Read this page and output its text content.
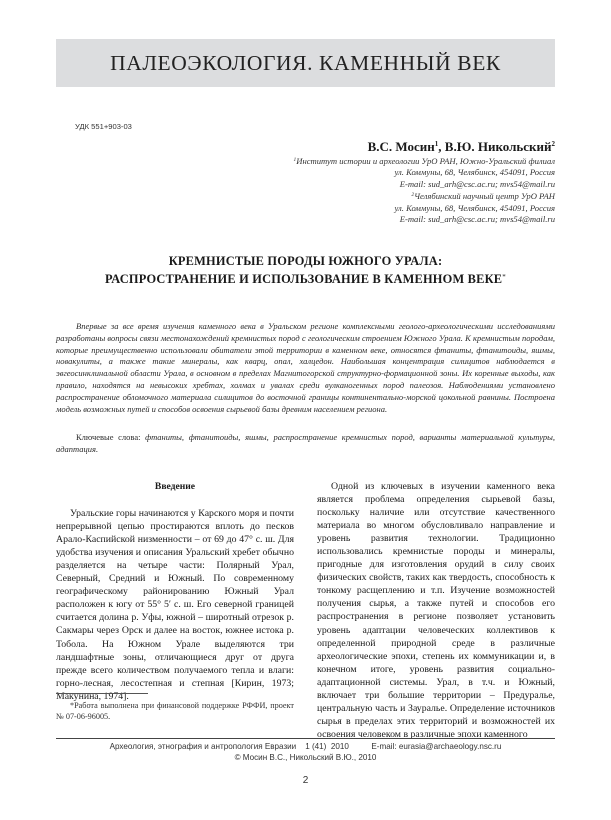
ПАЛЕОЭКОЛОГИЯ. КАМЕННЫЙ ВЕК
УДК 551+903-03
В.С. Мосин$^1$, В.Ю. Никольский$^2$
$^1$Институт истории и археологии УрО РАН, Южно-Уральский филиал
ул. Коммуны, 68, Челябинск, 454091, Россия
E-mail: sud_arh@csc.ac.ru; mvs54@mail.ru
$^2$Челябинский научный центр УрО РАН
ул. Коммуны, 68, Челябинск, 454091, Россия
E-mail: sud_arh@csc.ac.ru; mvs54@mail.ru
КРЕМНИСТЫЕ ПОРОДЫ ЮЖНОГО УРАЛА:
РАСПРОСТРАНЕНИЕ И ИСПОЛЬЗОВАНИЕ В КАМЕННОМ ВЕКЕ*
Впервые за все время изучения каменного века в Уральском регионе комплексными геолого-археологическими исследованиями разработаны вопросы связи местонахождений кремнистых пород с геологическим строением Южного Урала. К кремнистым породам, которые преимущественно использовали обитатели этой территории в каменном веке, относятся фтаниты, фтанитоиды, яшмы, новакулиты, а также такие минералы, как кварц, опал, халцедон. Наибольшая концентрация силицитов наблюдается в эвгеосинклинальной области Урала, в основном в пределах Магнитогорской структурно-формационной зоны. Их коренные выходы, как правило, находятся на невысоких хребтах, холмах и увалах среди вулканогенных пород палеозоя. Наблюдениями установлено распространение обломочного материала силицитов до восточной границы континентально-морской цокольной равнины. Построена модель возможных путей и способов освоения сырьевой базы древним населением региона.
Ключевые слова: фтаниты, фтанитоиды, яшмы, распространение кремнистых пород, варианты материальной культуры, адаптация.
Введение

Уральские горы начинаются у Карского моря и почти непрерывной цепью простираются вплоть до песков Арало-Каспийской низменности – от 69 до 47° с. ш. Для удобства изучения и описания Уральский хребет обычно разделяется на четыре части: Полярный Урал, Северный, Средний и Южный. По современному географическому районированию Южный Урал расположен к югу от 55° 5′ с. ш. Его северной границей считается долина р. Уфы, южной – широтный отрезок р. Сакмары через Орск и далее на восток, южнее истока р. Тобола. На Южном Урале выделяются три ландшафтные зоны, отличающиеся друг от друга прежде всего количеством получаемого тепла и влаги: горно-лесная, лесостепная и степная [Кирин, 1973; Макунина, 1974].

Одной из ключевых в изучении каменного века является проблема определения сырьевой базы, поскольку наличие или отсутствие качественного материала во многом обусловливало направление и уровень развития технологии. Традиционно использовались кремнистые породы и минералы, пригодные для изготовления орудий в силу своих физических свойств, таких как твердость, способность к тонкому расщеплению и т.п. Изучение возможностей получения сырья, а также путей и способов его распространения в регионе позволяет установить уровень адаптации человеческих коллективов к определенной природной среде в различные археологические эпохи, степень их коммуникации и, в конечном итоге, уровень развития социально-адаптационной системы. Урал, в т.ч. и Южный, включает три большие территории – Предуралье, центральную часть и Зауралье. Определение источников сырья в пределах этих территорий и возможностей их освоения человеком в различные эпохи каменного

*Работа выполнена при финансовой поддержке РФФИ, проект № 07-06-96005.
Археология, этнография и антропология Евразии
1 (41)
2010
	E-mail: eurasia@archaeology.nsc.ru
© Мосин В.С., Никольский В.Ю., 2010
2
